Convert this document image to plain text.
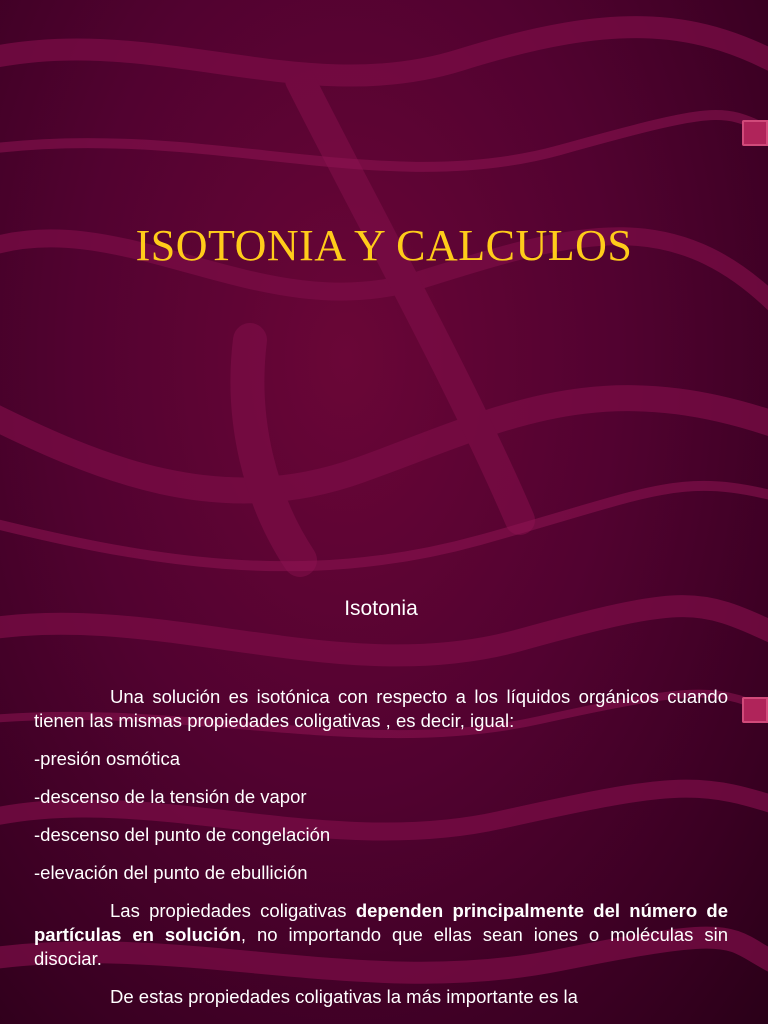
ISOTONIA Y CALCULOS
Isotonia

Una solución es isotónica con respecto a los líquidos orgánicos cuando tienen las mismas propiedades coligativas , es decir, igual:

-presión osmótica

-descenso de la tensión de vapor

-descenso del punto de congelación

-elevación del punto de ebullición

Las propiedades coligativas dependen principalmente del número de partículas en solución, no importando que ellas sean iones o moléculas sin disociar.

De estas propiedades coligativas la más importante es la
